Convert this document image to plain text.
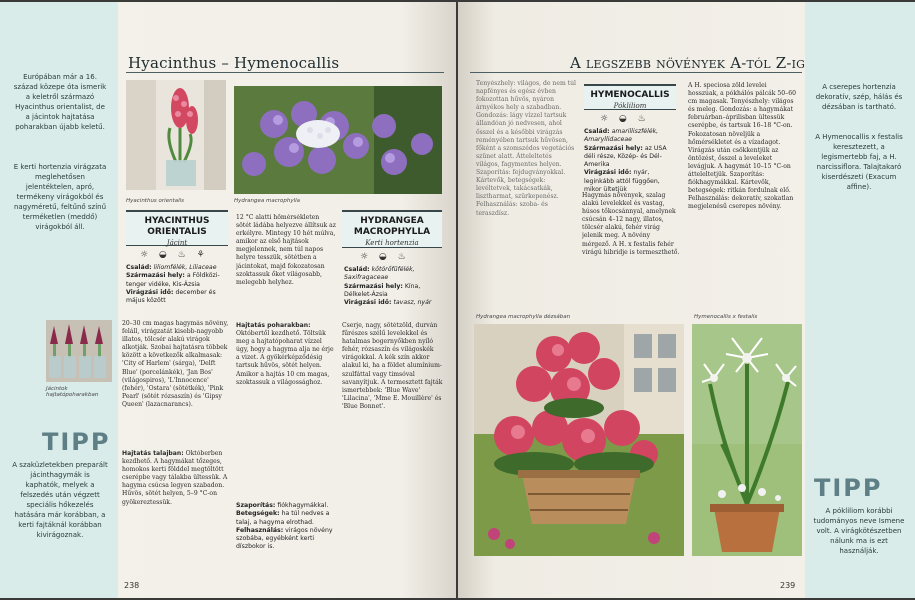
Európában már a 16. század közepe óta ismerik a keletről származó Hyacinthus orientalist, de a jácintok hajtatása poharakban újabb keletű.
E kerti hortenzia virágzata meglehetősen jelentéktelen, apró, termékeny virágokból és nagyméretű, feltűnő színű terméketlen (meddő) virágokból áll.
Jácintok hajtatópoharakban
TIPP
A szaküzletekben preparált jácinthagymák is kaphatók, melyek a felszedés után végzett speciális hőkezelés hatására már korábban, a kerti fajtáknál korábban kivirágoznak.
Hyacinthus – Hymenocallis
Hyacinthus orientalis	Hydrangea macrophylla
HYACINTHUS
ORIENTALIS
Jácint
☼ ◒ ♨ ⚘
Család: liliomfélék, Liliaceae
Származási hely: a Földközi-tenger vidéke, Kis-Ázsia
Virágzási idő: december és május között
20–30 cm magas hagymás növény, feláll, virágzatát kisebb-nagyobb illatos, tölcsér alakú virágok alkotják. Szobai hajtatásra többek között a következők alkalmasak: 'City of Harlem' (sárga), 'Delft Blue' (porcelánkék), 'Jan Bos' (világospiros), 'L'Innocence' (fehér), 'Ostara' (sötétkék), 'Pink Pearl' (sötét rózsaszín) és 'Gipsy Queen' (lazacnarancs).
Hajtatás talajban: Októberben kezdhető. A hagymákat tőzeges, homokos kerti földdel megtöltött cserépbe vagy tálakba ültessük. A hagyma csúcsa legyen szabadon. Hűvös, sötét helyen, 5–9 °C-on gyökereztessük.
12 °C alatti hőmérsékleten sötét ládába helyezve állítsuk az erkélyre. Mintegy 10 hét múlva, amikor az első hajtások megjelennek, nem túl napos helyre tesszük, sötétben a jácintokat, majd fokozatosan szoktassuk őket világosabb, melegebb helyhez.
Hajtatás poharakban: Októbertől kezdhető. Töltsük meg a hajtatópoharat vízzel úgy, hogy a hagyma alja ne érje a vizet. A gyökérképződésig tartsuk hűvös, sötét helyen. Amikor a hajtás 10 cm magas, szoktassuk a világossághoz.
Szaporítás: fiókhagymákkal.
Betegségek: ha túl nedves a talaj, a hagyma elrothad.
Felhasználás: virágos növény szobába, egyébként kerti díszbokor is.
HYDRANGEA
MACROPHYLLA
Kerti hortenzia
☼ ◒ ♨
Család: kőtörőfűfélék, Saxifragaceae
Származási hely: Kína, Délkelet-Ázsia
Virágzási idő: tavasz, nyár
Cserje, nagy, sötétzöld, durván fűrészes szélű levelekkel és hatalmas bogernyőkben nyíló fehér, rózsaszín és világoskék virágokkal. A kék szín akkor alakul ki, ha a földet alumínium-szulfáttal vagy timsóval savanyítjuk. A termesztett fajták ismertebbek: 'Blue Wave' 'Lilacina', 'Mme E. Mouillère' és 'Blue Bonnet'.
238
A legszebb növények A-tól Z-ig
Tenyészhely: világos, de nem túl napfényes és egész évben fokozottan hűvös, nyáron árnyékos hely a szabadban. Gondozás: lágy vízzel tartsuk állandóan jó nedvesen, ahol ősszel és a későbbi virágzás reményében tartsuk hűvösen, főként a szomszédos vegetációs szünet alatt. Átteleltetés világos, fagymentes helyen. Szaporítás: fejdugványokkal. Kártevők, betegségek: levéltetvek, takácsatkák, lisztharmat, szürkepenész. Felhasználás: szoba- és teraszdísz.
HYMENOCALLIS
Pókliliom
☼ ◒ ♨
Család: amarilliszfélék, Amaryllidaceae
Származási hely: az USA déli része, Közép- és Dél-Amerika
Virágzási idő: nyár, leginkább attól függően, mikor ültetjük
Hagymás növények, szalag alakú levelekkel és vastag, húsos tőkocsánnyal, amelynek csúcsán 4–12 nagy, illatos, tölcsér alakú, fehér virág jelenik meg. A növény mérgező. A H. x festalis fehér virágú hibridje is termeszthető.
A H. speciosa zöld levelei hosszúak, a pókhálós pálcák 50–60 cm magasak. Tenyészhely: világos és meleg. Gondozás: a hagymákat februárban–áprilisban ültessük cserépbe, és tartsuk 16–18 °C-on. Fokozatosan növeljük a hőmérsékletet és a vízadagot. Virágzás után csökkentjük az öntözést, ősszel a leveleket levágjuk. A hagymát 10–15 °C-on átteleltetjük. Szaporítás: fiókhagymákkal. Kártevők, betegségek: ritkán fordulnak elő. Felhasználás: dekoratív, szokatlan megjelenésű cserepes növény.
A cserepes hortenzia dekoratív, szép, hálás és dézsában is tartható.
A Hymenocallis x festalis keresztezett, a legismertebb faj, a H. narcissiflora. Talajtakaró kiserdészeti (Exacum affine).
Hydrangea macrophylla dézsában	Hymenocallis x festalis
TIPP
A pókliliom korábbi tudományos neve Ismene volt. A virágkötészetben nálunk ma is ezt használják.
239
